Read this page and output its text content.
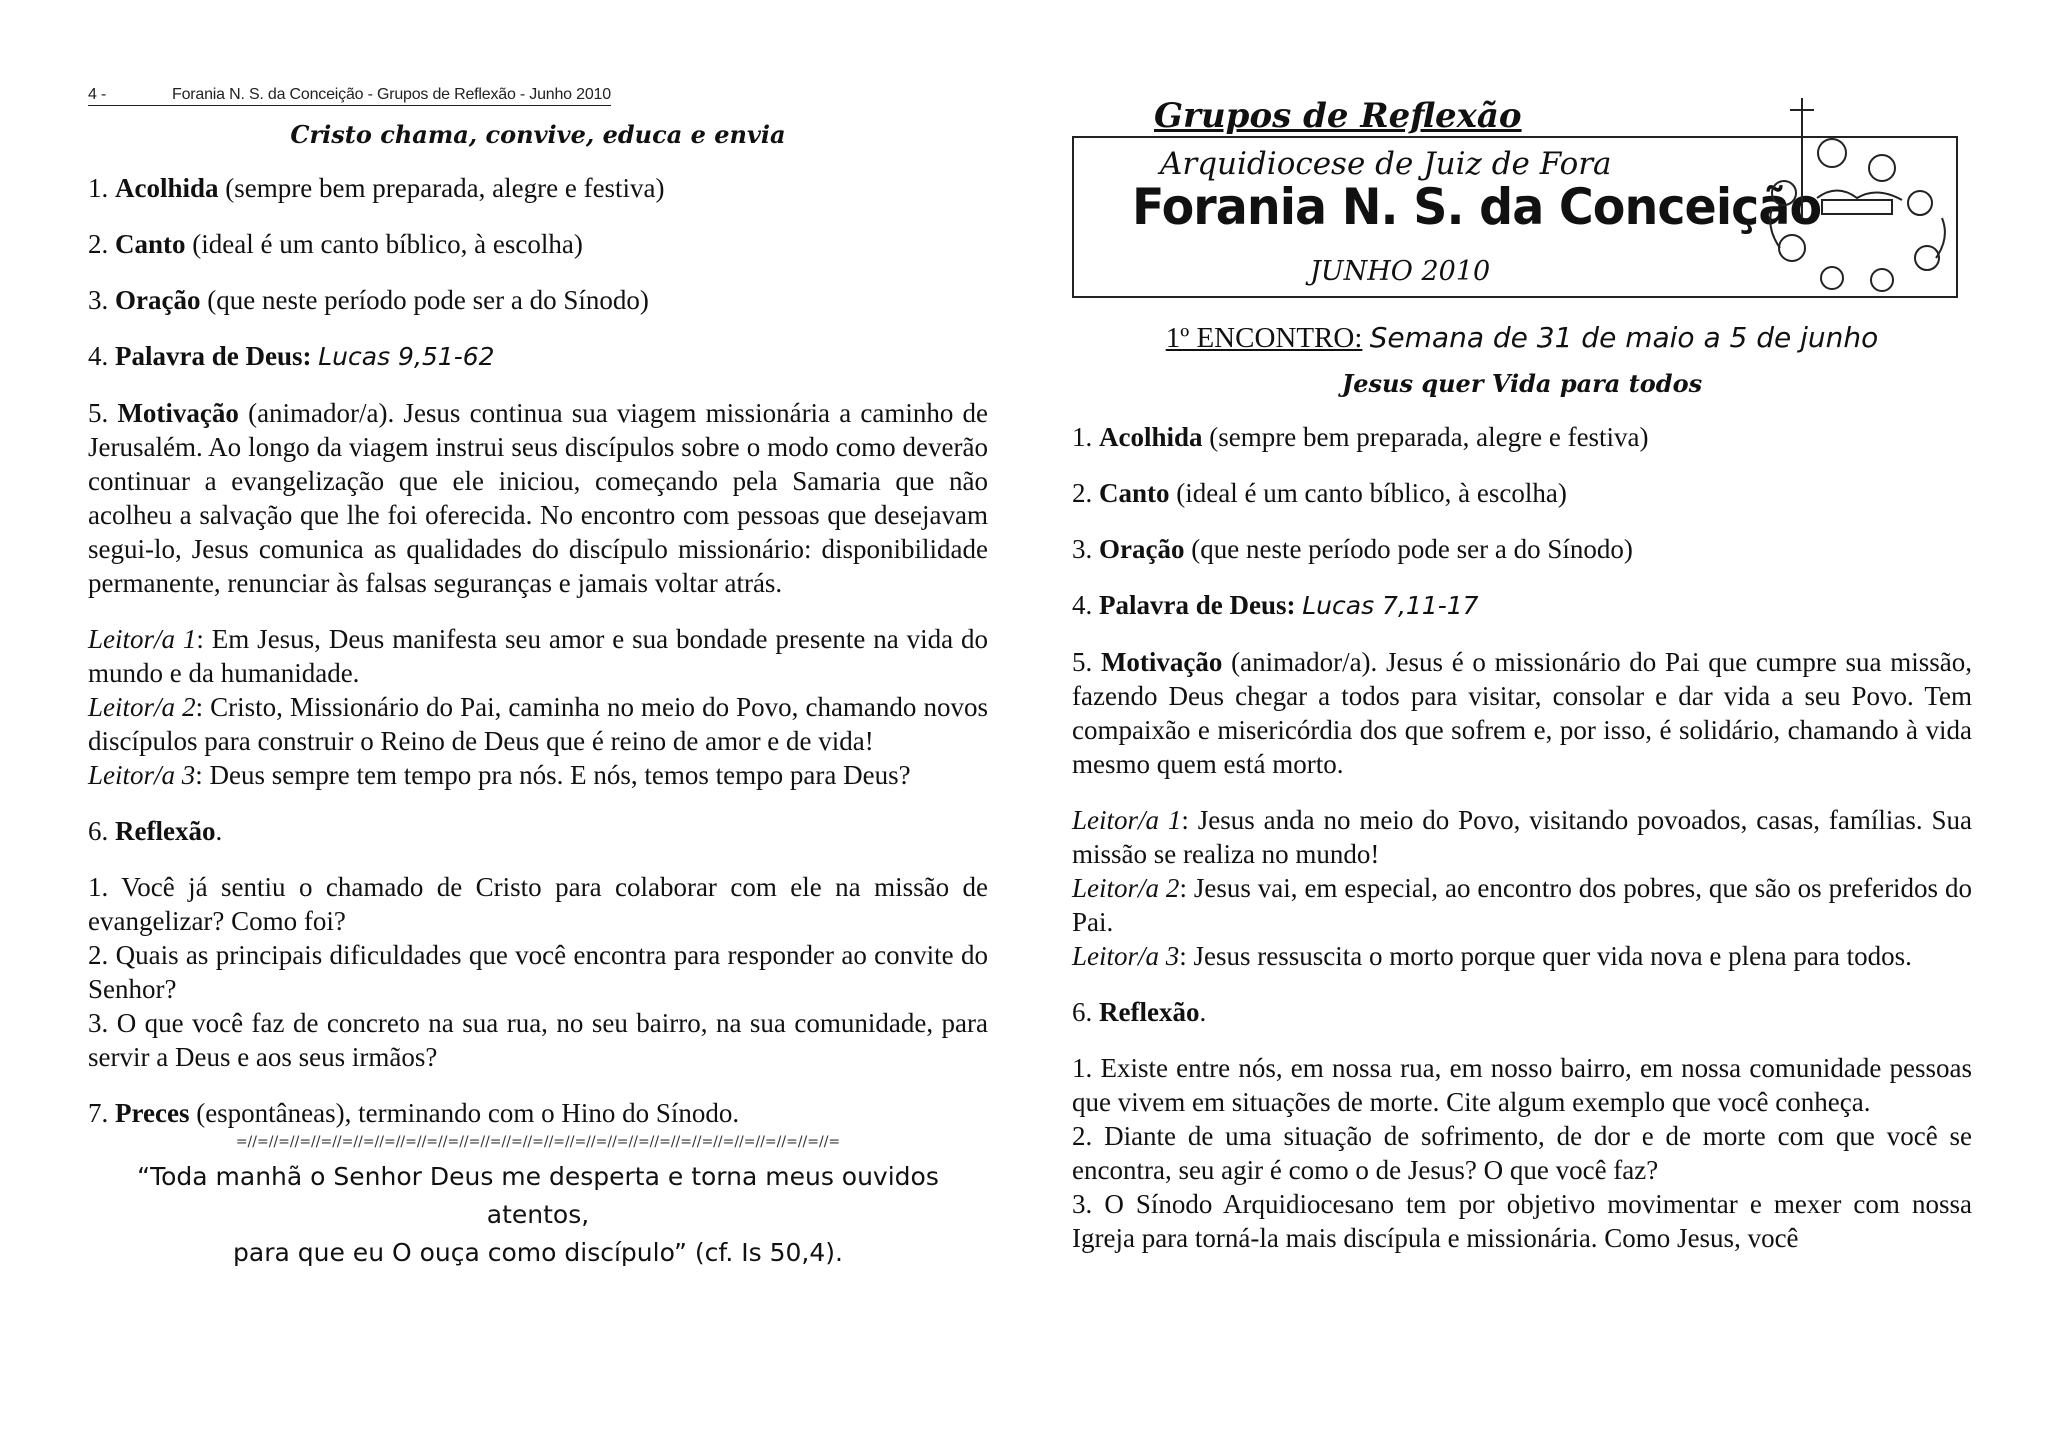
4 -	Forania N. S. da Conceição - Grupos de Reflexão - Junho 2010
Cristo chama, convive, educa e envia

1. Acolhida (sempre bem preparada, alegre e festiva)

2. Canto (ideal é um canto bíblico, à escolha)

3. Oração (que neste período pode ser a do Sínodo)

4. Palavra de Deus: Lucas 9,51-62

5. Motivação (animador/a). Jesus continua sua viagem missionária a caminho de Jerusalém. Ao longo da viagem instrui seus discípulos sobre o modo como deverão continuar a evangelização que ele iniciou, começando pela Samaria que não acolheu a salvação que lhe foi oferecida. No encontro com pessoas que desejavam segui-lo, Jesus comunica as qualidades do discípulo missionário: disponibilidade permanente, renunciar às falsas seguranças e jamais voltar atrás.

Leitor/a 1: Em Jesus, Deus manifesta seu amor e sua bondade presente na vida do mundo e da humanidade.

Leitor/a 2: Cristo, Missionário do Pai, caminha no meio do Povo, chamando novos discípulos para construir o Reino de Deus que é reino de amor e de vida!

Leitor/a 3: Deus sempre tem tempo pra nós. E nós, temos tempo para Deus?

6. Reflexão.

1. Você já sentiu o chamado de Cristo para colaborar com ele na missão de evangelizar? Como foi?

2. Quais as principais dificuldades que você encontra para responder ao convite do Senhor?

3. O que você faz de concreto na sua rua, no seu bairro, na sua comunidade, para servir a Deus e aos seus irmãos?

7. Preces (espontâneas), terminando com o Hino do Sínodo.

=//=//=//=//=//=//=//=//=//=//=//=//=//=//=//=//=//=//=//=//=//=//=//=//=//=//=//=//=
“Toda manhã o Senhor Deus me desperta e torna meus ouvidos atentos,
para que eu O ouça como discípulo” (cf. Is 50,4).
Grupos de Reflexão
Arquidiocese de Juiz de Fora
Forania N. S. da Conceição
JUNHO 2010

1º ENCONTRO: Semana de 31 de maio a 5 de junho

Jesus quer Vida para todos

1. Acolhida (sempre bem preparada, alegre e festiva)

2. Canto (ideal é um canto bíblico, à escolha)

3. Oração (que neste período pode ser a do Sínodo)

4. Palavra de Deus: Lucas 7,11-17

5. Motivação (animador/a). Jesus é o missionário do Pai que cumpre sua missão, fazendo Deus chegar a todos para visitar, consolar e dar vida a seu Povo. Tem compaixão e misericórdia dos que sofrem e, por isso, é solidário, chamando à vida mesmo quem está morto.

Leitor/a 1: Jesus anda no meio do Povo, visitando povoados, casas, famílias. Sua missão se realiza no mundo!

Leitor/a 2: Jesus vai, em especial, ao encontro dos pobres, que são os preferidos do Pai.

Leitor/a 3: Jesus ressuscita o morto porque quer vida nova e plena para todos.

6. Reflexão.

1. Existe entre nós, em nossa rua, em nosso bairro, em nossa comunidade pessoas que vivem em situações de morte. Cite algum exemplo que você conheça.

2. Diante de uma situação de sofrimento, de dor e de morte com que você se encontra, seu agir é como o de Jesus? O que você faz?

3. O Sínodo Arquidiocesano tem por objetivo movimentar e mexer com nossa Igreja para torná-la mais discípula e missionária. Como Jesus, você
